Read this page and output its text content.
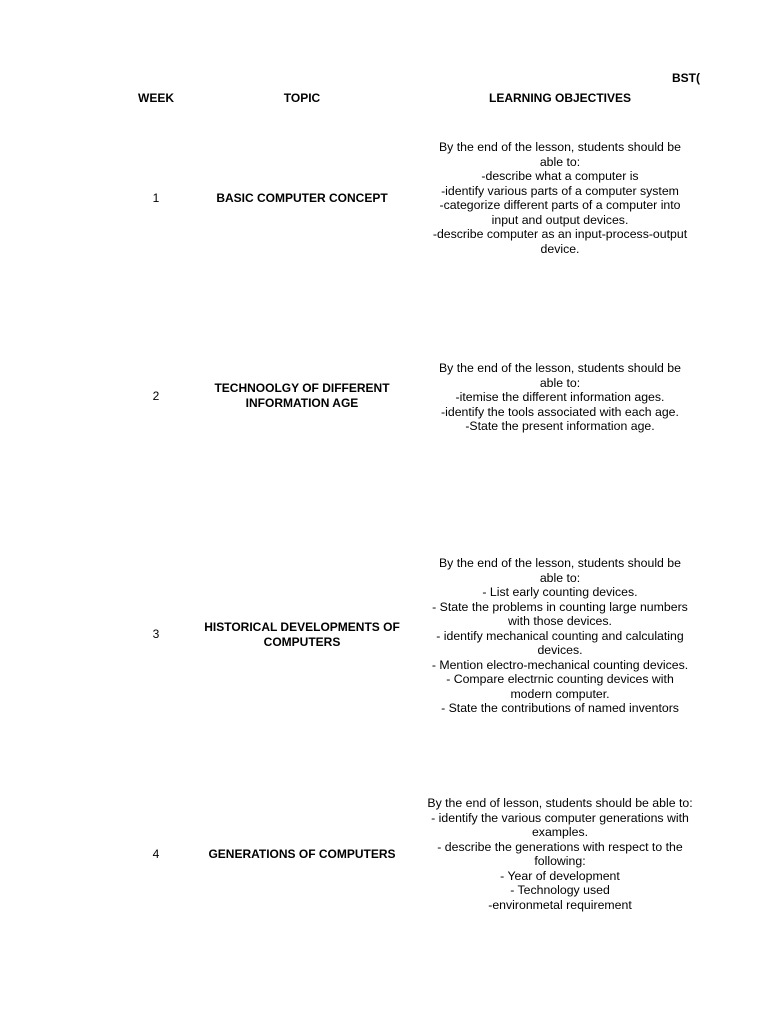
BST(
WEEK	TOPIC	LEARNING OBJECTIVES
1	BASIC COMPUTER CONCEPT
By the end of the lesson, students should be
able to:
-describe what a computer is
-identify various parts of a computer system
-categorize different parts of a computer into
input and output devices.
-describe computer as an input-process-output
device.
2
TECHNOOLGY OF DIFFERENT INFORMATION AGE
By the end of the lesson, students should be
able to:
-itemise the different information ages.
-identify the tools associated with each age.
-State the present information age.
3	HISTORICAL DEVELOPMENTS OF COMPUTERS
By the end of the lesson, students should be
able to:
- List early counting devices.
- State the problems in counting large numbers
with those devices.
- identify mechanical counting and calculating
devices.
- Mention electro-mechanical counting devices.
- Compare electrnic counting devices with
modern computer.
- State the contributions of named inventors
4	GENERATIONS OF COMPUTERS
By the end of lesson, students should be able to:
- identify the various computer generations with
examples.
- describe the generations with respect to the
following:
- Year of development
- Technology used
-environmetal requirement
